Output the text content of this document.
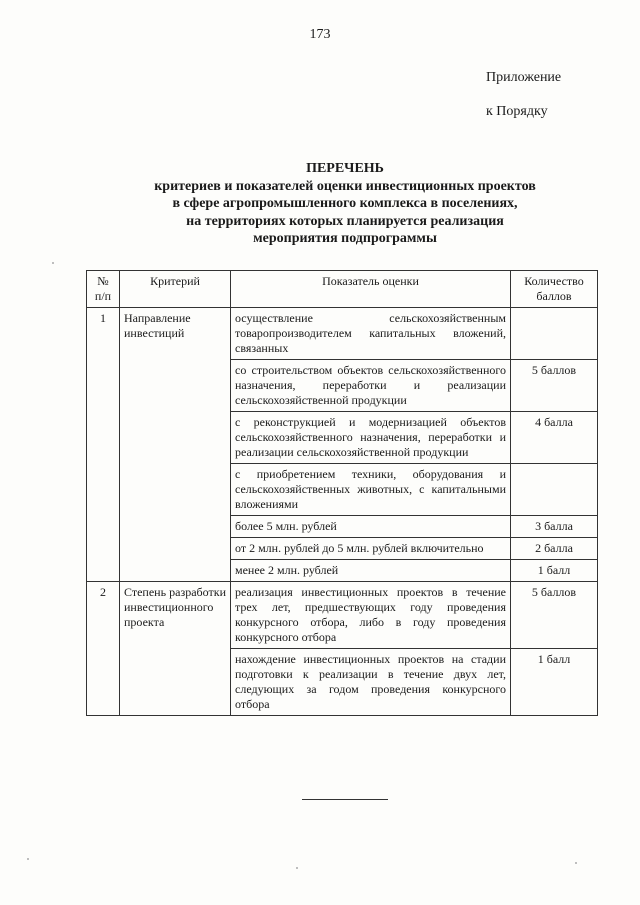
173
Приложение
к Порядку
ПЕРЕЧЕНЬ
критериев и показателей оценки инвестиционных проектов
в сфере агропромышленного комплекса в поселениях,
на территориях которых планируется реализация
мероприятия подпрограммы
№ п/п	Критерий	Показатель оценки	Количество баллов
1	Направление инвестиций	осуществление сельскохозяйственным товаропроизводителем капитальных вложений, связанных	
		со строительством объектов сельскохозяйственного назначения, переработки и реализации сельскохозяйственной продукции	5 баллов
		с реконструкцией и модернизацией объектов сельскохозяйственного назначения, переработки и реализации сельскохозяйственной продукции	4 балла
		с приобретением техники, оборудования и сельскохозяйственных животных, с капитальными вложениями	
		более 5 млн. рублей	3 балла
		от 2 млн. рублей до 5 млн. рублей включительно	2 балла
		менее 2 млн. рублей	1 балл
2	Степень разработки инвестиционного проекта	реализация инвестиционных проектов в течение трех лет, предшествующих году проведения конкурсного отбора, либо в году проведения конкурсного отбора	5 баллов
		нахождение инвестиционных проектов на стадии подготовки к реализации в течение двух лет, следующих за годом проведения конкурсного отбора	1 балл
